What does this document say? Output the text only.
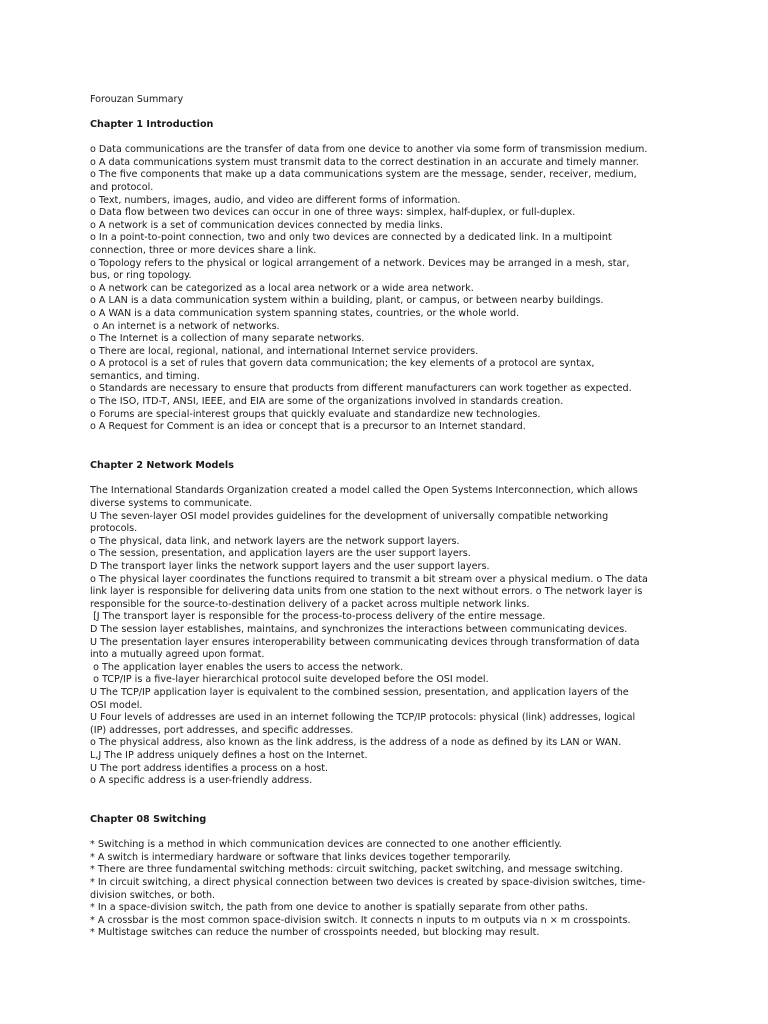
Forouzan Summary
Chapter 1 Introduction
o Data communications are the transfer of data from one device to another via some form of transmission medium.
o A data communications system must transmit data to the correct destination in an accurate and timely manner.
o The five components that make up a data communications system are the message, sender, receiver, medium,
and protocol.
o Text, numbers, images, audio, and video are different forms of information.
o Data flow between two devices can occur in one of three ways: simplex, half-duplex, or full-duplex.
o A network is a set of communication devices connected by media links.
o In a point-to-point connection, two and only two devices are connected by a dedicated link. In a multipoint
connection, three or more devices share a link.
o Topology refers to the physical or logical arrangement of a network. Devices may be arranged in a mesh, star,
bus, or ring topology.
o A network can be categorized as a local area network or a wide area network.
o A LAN is a data communication system within a building, plant, or campus, or between nearby buildings.
o A WAN is a data communication system spanning states, countries, or the whole world.
o An internet is a network of networks.
o The Internet is a collection of many separate networks.
o There are local, regional, national, and international Internet service providers.
o A protocol is a set of rules that govern data communication; the key elements of a protocol are syntax,
semantics, and timing.
o Standards are necessary to ensure that products from different manufacturers can work together as expected.
o The ISO, ITD-T, ANSI, IEEE, and EIA are some of the organizations involved in standards creation.
o Forums are special-interest groups that quickly evaluate and standardize new technologies.
o A Request for Comment is an idea or concept that is a precursor to an Internet standard.
Chapter 2 Network Models
The International Standards Organization created a model called the Open Systems Interconnection, which allows
diverse systems to communicate.
U The seven-layer OSI model provides guidelines for the development of universally compatible networking
protocols.
o The physical, data link, and network layers are the network support layers.
o The session, presentation, and application layers are the user support layers.
D The transport layer links the network support layers and the user support layers.
o The physical layer coordinates the functions required to transmit a bit stream over a physical medium. o The data
link layer is responsible for delivering data units from one station to the next without errors. o The network layer is
responsible for the source-to-destination delivery of a packet across multiple network links.
[J The transport layer is responsible for the process-to-process delivery of the entire message.
D The session layer establishes, maintains, and synchronizes the interactions between communicating devices.
U The presentation layer ensures interoperability between communicating devices through transformation of data
into a mutually agreed upon format.
o The application layer enables the users to access the network.
o TCP/IP is a five-layer hierarchical protocol suite developed before the OSI model.
U The TCP/IP application layer is equivalent to the combined session, presentation, and application layers of the
OSI model.
U Four levels of addresses are used in an internet following the TCP/IP protocols: physical (link) addresses, logical
(IP) addresses, port addresses, and specific addresses.
o The physical address, also known as the link address, is the address of a node as defined by its LAN or WAN.
L,J The IP address uniquely defines a host on the Internet.
U The port address identifies a process on a host.
o A specific address is a user-friendly address.
Chapter 08 Switching
* Switching is a method in which communication devices are connected to one another efficiently.
* A switch is intermediary hardware or software that links devices together temporarily.
* There are three fundamental switching methods: circuit switching, packet switching, and message switching.
* In circuit switching, a direct physical connection between two devices is created by space-division switches, time-
division switches, or both.
* In a space-division switch, the path from one device to another is spatially separate from other paths.
* A crossbar is the most common space-division switch. It connects n inputs to m outputs via n × m crosspoints.
* Multistage switches can reduce the number of crosspoints needed, but blocking may result.
